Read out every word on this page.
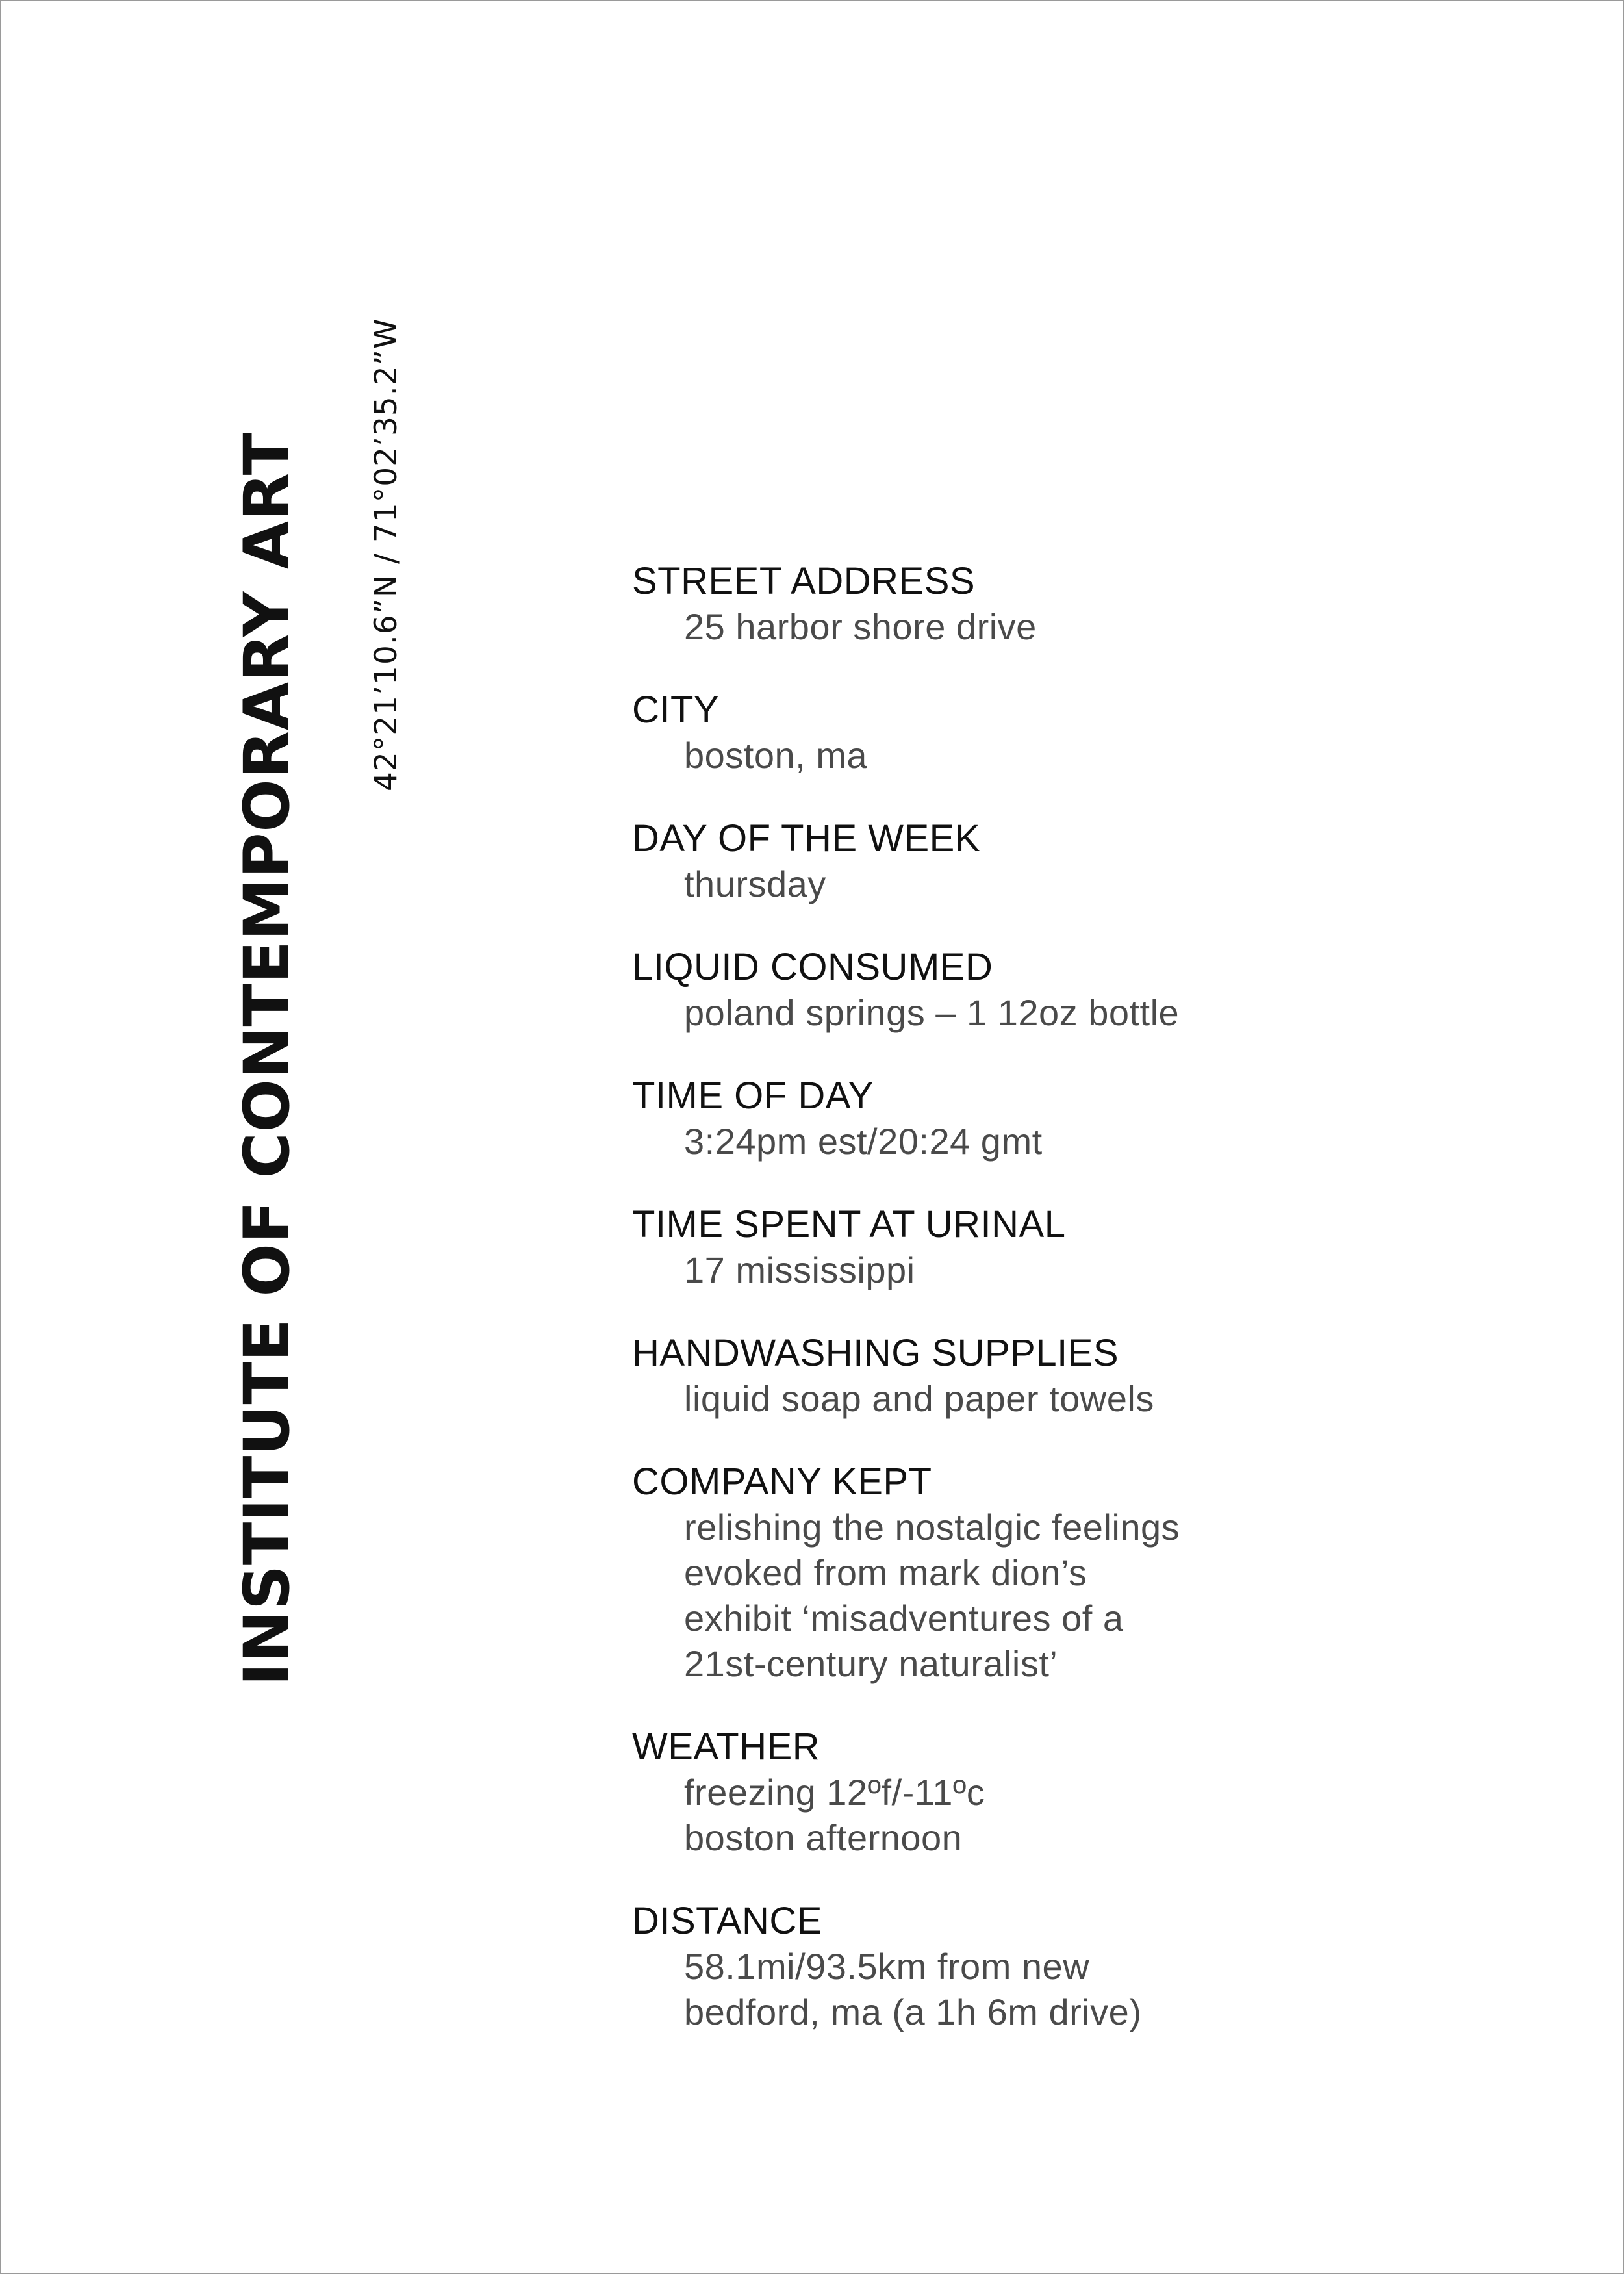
INSTITUTE OF CONTEMPORARY ART 42°21’10.6”N / 71°02’35.2”W	STREET ADDRESS
25 harbor shore drive
CITY
boston, ma
DAY OF THE WEEK
thursday
LIQUID CONSUMED
poland springs – 1 12oz bottle
TIME OF DAY
3:24pm est/20:24 gmt
TIME SPENT AT URINAL
17 mississippi
HANDWASHING SUPPLIES
liquid soap and paper towels
COMPANY KEPT
relishing the nostalgic feelings
evoked from mark dion’s
exhibit ‘misadventures of a
21st-century naturalist’
WEATHER
freezing 12ºf/-11ºc
boston afternoon
DISTANCE
58.1mi/93.5km from new
bedford, ma (a 1h 6m drive)
